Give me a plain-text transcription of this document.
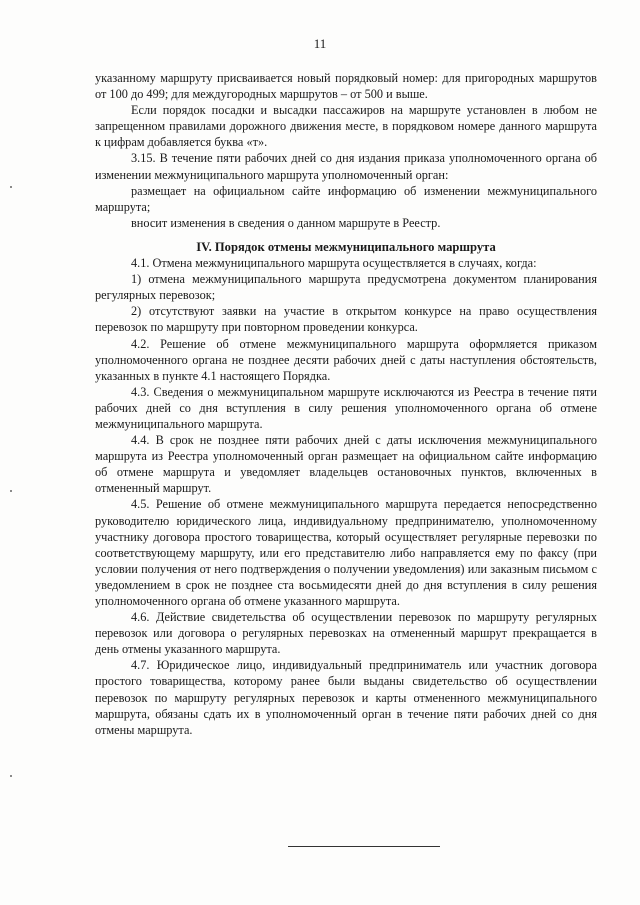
11

указанному маршруту присваивается новый порядковый номер: для пригородных маршрутов от 100 до 499; для междугородных маршрутов – от 500 и выше.

Если порядок посадки и высадки пассажиров на маршруте установлен в любом не запрещенном правилами дорожного движения месте, в порядковом номере данного маршрута к цифрам добавляется буква «т».

3.15. В течение пяти рабочих дней со дня издания приказа уполномоченного органа об изменении межмуниципального маршрута уполномоченный орган:

размещает на официальном сайте информацию об изменении межмуниципального маршрута;

вносит изменения в сведения о данном маршруте в Реестр.

IV. Порядок отмены межмуниципального маршрута

4.1. Отмена межмуниципального маршрута осуществляется в случаях, когда:

1) отмена межмуниципального маршрута предусмотрена документом планирования регулярных перевозок;

2) отсутствуют заявки на участие в открытом конкурсе на право осуществления перевозок по маршруту при повторном проведении конкурса.

4.2. Решение об отмене межмуниципального маршрута оформляется приказом уполномоченного органа не позднее десяти рабочих дней с даты наступления обстоятельств, указанных в пункте 4.1 настоящего Порядка.

4.3. Сведения о межмуниципальном маршруте исключаются из Реестра в течение пяти рабочих дней со дня вступления в силу решения уполномоченного органа об отмене межмуниципального маршрута.

4.4. В срок не позднее пяти рабочих дней с даты исключения межмуниципального маршрута из Реестра уполномоченный орган размещает на официальном сайте информацию об отмене маршрута и уведомляет владельцев остановочных пунктов, включенных в отмененный маршрут.

4.5. Решение об отмене межмуниципального маршрута передается непосредственно руководителю юридического лица, индивидуальному предпринимателю, уполномоченному участнику договора простого товарищества, который осуществляет регулярные перевозки по соответствующему маршруту, или его представителю либо направляется ему по факсу (при условии получения от него подтверждения о получении уведомления) или заказным письмом с уведомлением в срок не позднее ста восьмидесяти дней до дня вступления в силу решения уполномоченного органа об отмене указанного маршрута.

4.6. Действие свидетельства об осуществлении перевозок по маршруту регулярных перевозок или договора о регулярных перевозках на отмененный маршрут прекращается в день отмены указанного маршрута.

4.7. Юридическое лицо, индивидуальный предприниматель или участник договора простого товарищества, которому ранее были выданы свидетельство об осуществлении перевозок по маршруту регулярных перевозок и карты отмененного межмуниципального маршрута, обязаны сдать их в уполномоченный орган в течение пяти рабочих дней со дня отмены маршрута.
